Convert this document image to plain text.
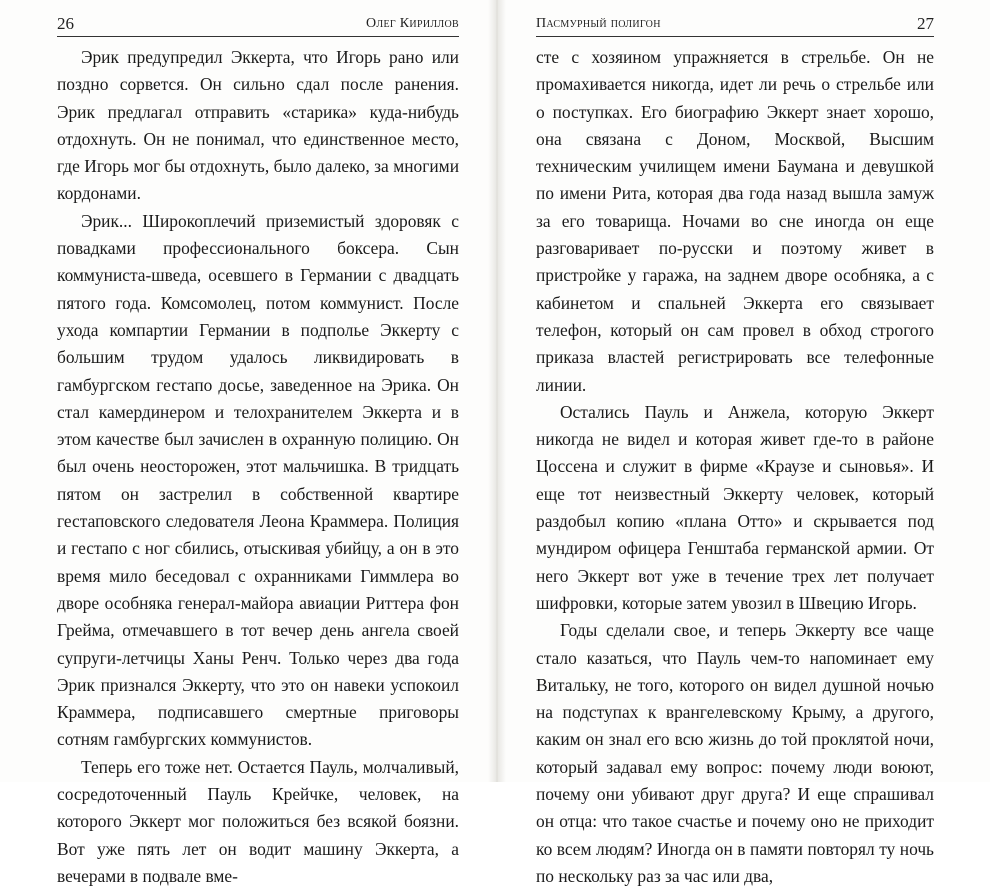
26	Олег Кириллов

Эрик предупредил Эккерта, что Игорь рано или поздно сорвется. Он сильно сдал после ранения. Эрик предлагал отправить «старика» куда-нибудь отдохнуть. Он не понимал, что единственное место, где Игорь мог бы отдохнуть, было далеко, за многими кордонами.

Эрик... Широкоплечий приземистый здоровяк с повадками профессионального боксера. Сын коммуниста-шведа, осевшего в Германии с двадцать пятого года. Комсомолец, потом коммунист. После ухода компартии Германии в подполье Эккерту с большим трудом удалось ликвидировать в гамбургском гестапо досье, заведенное на Эрика. Он стал камердинером и телохранителем Эккерта и в этом качестве был зачислен в охранную полицию. Он был очень неосторожен, этот мальчишка. В тридцать пятом он застрелил в собственной квартире гестаповского следователя Леона Краммера. Полиция и гестапо с ног сбились, отыскивая убийцу, а он в это время мило беседовал с охранниками Гиммлера во дворе особняка генерал-майора авиации Риттера фон Грейма, отмечавшего в тот вечер день ангела своей супруги-летчицы Ханы Ренч. Только через два года Эрик признался Эккерту, что это он навеки успокоил Краммера, подписавшего смертные приговоры сотням гамбургских коммунистов.

Теперь его тоже нет. Остается Пауль, молчаливый, сосредоточенный Пауль Крейчке, человек, на которого Эккерт мог положиться без всякой боязни. Вот уже пять лет он водит машину Эккерта, а вечерами в подвале вме-

Пасмурный полигон	27

сте с хозяином упражняется в стрельбе. Он не промахивается никогда, идет ли речь о стрельбе или о поступках. Его биографию Эккерт знает хорошо, она связана с Доном, Москвой, Высшим техническим училищем имени Баумана и девушкой по имени Рита, которая два года назад вышла замуж за его товарища. Ночами во сне иногда он еще разговаривает по-русски и поэтому живет в пристройке у гаража, на заднем дворе особняка, а с кабинетом и спальней Эккерта его связывает телефон, который он сам провел в обход строгого приказа властей регистрировать все телефонные линии.

Остались Пауль и Анжела, которую Эккерт никогда не видел и которая живет где-то в районе Цоссена и служит в фирме «Краузе и сыновья». И еще тот неизвестный Эккерту человек, который раздобыл копию «плана Отто» и скрывается под мундиром офицера Генштаба германской армии. От него Эккерт вот уже в течение трех лет получает шифровки, которые затем увозил в Швецию Игорь.

Годы сделали свое, и теперь Эккерту все чаще стало казаться, что Пауль чем-то напоминает ему Витальку, не того, которого он видел душной ночью на подступах к врангелевскому Крыму, а другого, каким он знал его всю жизнь до той проклятой ночи, который задавал ему вопрос: почему люди воюют, почему они убивают друг друга? И еще спрашивал он отца: что такое счастье и почему оно не приходит ко всем людям? Иногда он в памяти повторял ту ночь по нескольку раз за час или два,
